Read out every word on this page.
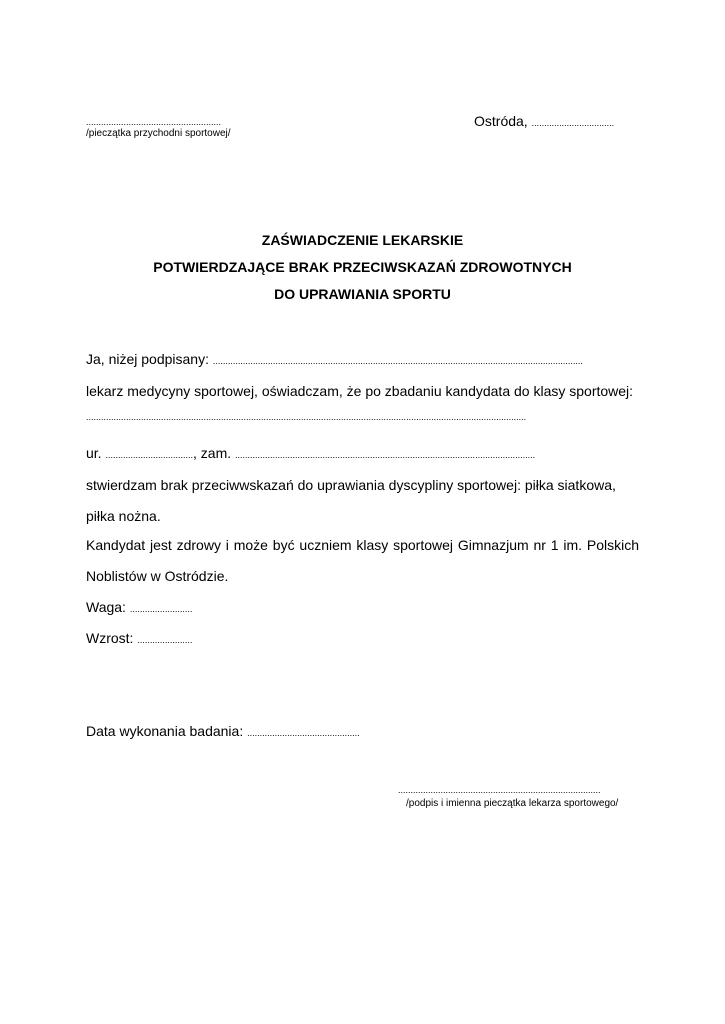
......................................................
/pieczątka przychodni sportowej/
Ostróda, .................................
ZAŚWIADCZENIE LEKARSKIE
POTWIERDZAJĄCE BRAK PRZECIWSKAZAŃ ZDROWOTNYCH
DO UPRAWIANIA SPORTU
Ja, niżej podpisany: ....................................................................................................................................................
lekarz medycyny sportowej, oświadczam, że po zbadaniu kandydata do klasy sportowej:
................................................................................................................................................................................
ur. ..................................., zam. ........................................................................................................................
stwierdzam brak przeciwwskazań do uprawiania dyscypliny sportowej: piłka siatkowa,
piłka nożna.
Kandydat jest zdrowy i może być uczniem klasy sportowej Gimnazjum nr 1 im. Polskich
Noblistów w Ostródzie.
Waga: .........................
Wzrost: ......................
Data wykonania badania: .............................................
.................................................................................
/podpis i imienna pieczątka lekarza sportowego/
